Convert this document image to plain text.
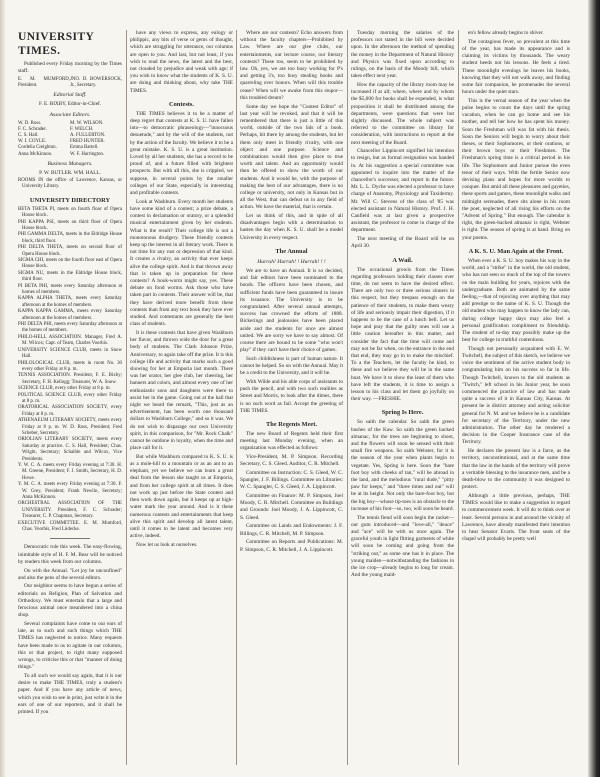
UNIVERSITY TIMES.

Published every Friday morning by the Times staff.

E. M. MUMFORD, President.
JNO. D. BOWERSOCK, Jr., Secretary.
Editorial Staff.
F. E. BIXBY, Editor-in-Chief.
Associate Editors.
W. D. Ross.	M. W. WILSON.
F. C. Schrader.	F. WELCH.
C. S. Hall.	A. FULLERTON.
W. I. COYLE.	FRED HUNTER.
Cordelia Creighton.	Emma Bartell.
Anna McKinnon.	W. F. Harrington.
Business Managers.
P. W. BUTLER. WM. HALL.

ROOMS IN the office of Lawrence, Kansas, or University Library.

UNIVERSITY DIRECTORY

BETA THETA PI, meets on fourth floor of Opera House block.

PHI KAPPA PSI, meets on third floor of Opera House block.

PHI GAMMA DELTA, meets in the Eldridge House block, third floor.

PHI DELTA THETA, meets on second floor of Opera House block.

SIGMA CHI, meets on the fourth floor east of Opera House block.

SIGMA NU, meets in the Eldridge House block, third floor.

PI BETA PHI, meets every Saturday afternoon at homes of members.

KAPPA ALPHA THETA, meets every Saturday afternoon at the homes of members.

KAPPA KAPPA GAMMA, meets every Saturday afternoon at the homes of members.

PHI DELTA PHI, meets every Saturday afternoon at the homes of members.

PHILO-HELL ASSOCIATION. Manager, Fred A. M. Wilcox; Capt. of Team, Charles Voorhis.

UNIVERSITY SCIENCE CLUB, meets in Snow Hall.

PHILOLOGICAL CLUB, meets in room No. 30 every other Friday at 8 p. m.

TENNIS ASSOCIATION. President, F. E. Bixby; Secretary, F. H. Kellogg; Treasurer, W. A. Snow.

SCIENCE CLUB, every other Friday at 8 p. m.

POLITICAL SCIENCE CLUB, every other Friday at 8 p. m.

ORATORICAL ASSOCIATION SOCIETY, every Friday at 8 p. m.

ATHENAEUM LITERARY SOCIETY, meets every Friday at 8 p. m. W. D. Ross, President; Fred Scheber, Secretary.

ORIOLIAN LITERARY SOCIETY, meets every Saturday at practice. C. S. Hall, President; Chas. Wright, Secretary; Schaible and Wilcox, Vice Presidents.

Y. W. C. A. meets every Friday evening at 7:30. H. M. Greene, President; F. J. Smith, Secretary, H. D. Howe.

Y. M. C. A. meets every Friday evening at 7:30. F. W. Grey, President; Frank Newlin, Secretary; Anna McKinnon.

ORCHESTRAL ASSOCIATION OF THE UNIVERSITY. President, F. C. Schrader; Treasurer, C. P. Chapman, Secretary.

EXECUTIVE COMMITTEE. E. M. Mumford, Chas. Voorhis, Fred Lüdecke.

Democratic rule this week. The easy-flowing, inimitable style of H. F. M. Bear will be noticed by readers this week from our columns.

On with the Annual. "Let joy be unconfined" and also the pens of the several editors.

Our neighbor seems to have begun a series of editorials on Religion, Plan of Salvation and Orthodoxy. We must entertain that a large and ferocious animal once meandered into a china shop.

Several complaints have come to our ears of late, as to such and such things which THE TIMES has neglected to notice. Many requests have been made to us to agitate in our columns, this or that project, to right many supposed wrongs, to criticise this or that "manner of doing things."

To all such we would say again, that it is our desire to make THE TIMES, truly a student's paper. And if you have any article of news, which you wish to see in print, just write it in the ears of one of our reporters, and it shall be printed. If you

have any views to express, any eulogy or philippic, any bits of verse or gems of thought, which are struggling for utterance, our columns are open to you. And last, but not least, if you wish to read the news, the latest and the best, not clouded by prejudice and weak with age; if you wish to know what the students of K. S. U. are doing and thinking about, why take THE TIMES.

Contests.

THE TIMES believes it to be a matter of deep regret that contests at K. S. U. have fallen into—to democratic phraseology—"innocuous desuetude," and by the will of the students, not by the action of the faculty. We believe it to be a great mistake. K. S. U. is a great institution. Loved by all her students, she has a record to be proud of, and a future filled with brightest prospects. But with all this, she is crippled, we suppose, in several points by the smaller colleges of our State, especially in interesting and profitable contests.

Look at Washburn. Every month her students have some kind of a contest; a prize debate, a contest in declamation or oratory, or a splendid musical entertainment given by her students. What is the result? Their college life is not a monotonous drudgery. These friendly contests keep up the interest in all literary work. There is not time for any rust or depression of that kind. It creates a rivalry, an activity that ever keeps alive the college spirit. And is that thrown away that is taken up in preparation for these contests? A book-worm might say, yes. These debate on fond worms. Ask those who have taken part in contests. Their answer will be, that they have derived more benefit from these contests than from any text book they have ever studied. And contestants are generally the best class of students.

It is these contests that have given Washburn her flavor, and thrown wide the door for a great body of students. The Clark Johnson Prize, Anniversary, to again take off the prize. It is this college life and activity that marks such a good showing for her at Emporia last month. There was her orator, her glee club, her cheering, her banners and colors, and almost every one of her enthusiastic sons and daughters were there to assist her in the game. Going out at the hall that night we heard the remark, "This, just as an advertisement, has been worth one thousand dollars to Washburn College," and so it was. We do not wish to disparage our own University spirit, in this comparison, for "Mr. Rock Chalk" cannot be outdone in loyalty, when the time and place call for it.

But while Washburn compared to K. S. U. is as a mole-hill to a mountain or as an ant to an elephant, yet we believe we can learn a great deal from the lesson she taught us at Emporia, and from her college spirit at all times. It does not work up just before the State contest and then work down again, but it keeps up at high-water mark the year around. And is it these numerous contests and entertainments that keep alive this spirit and develop all latent talent, until it comes to be latent and becomes very active, indeed.

Now let us look at ourselves.

Where are our contests? Echo answers from without the faculty chapters—Prohibited by Law. Where are our glee clubs, our entertainments, our lecture course, our literary contests? These too, seem to be prohibited by law. Oh, yes, we are too busy working for P's and getting 3's, too busy stealing books and quarreling over honors. When will this trouble cease? When will we awake from this stupor—this troubled dream?

Some day we hope the "Contest Editor" of last year will be revoked, and that it will be remembered that there is just a little of this world, outside of the two lids of a book. Perhaps, bit there by among the students, but let them only meet in friendly rivalry, with one object and one purpose. Science and combinations would then give place to true worth and talent. And an opportunity would then be offered to show the worth of our students. And it would be, with the purpose of making the best of our advantages, there is no college or university, not only in Kansas but in all the West, that can defeat us in any field of action. We have the material, that is certain.

Let us think of this, and in spite of all disadvantages begin with a determination to hasten the day when K. S. U. shall be a model University in every respect.

The Annual
Hurrah! Hurrah! ! Hurrah! ! !

We are to have an Annual. It is so decided, and fair editors have been nominated to the bonds. The officers have been chosen, and sufficient funds have been guaranteed to insure its issuance. The University is to be congratulated. After several annual attempts, success has crowned the efforts of 1888. Bickerings and jealousies have been placed aside and the students for once are almost united. We are sorry we have to say almost. Of course there are bound to be some "who won't play" if they can't have their choice of games.

Such childishness is part of human nature. It cannot be helped. So on with the Annual. May it be a credit to the University, and it will be.

With Wilde and his able corps of assistants to push the pencil, and with two such realities as Street and Morris, to look after the dimes, there is no such word as fail. Accept the greeting of THE TIMES.

The Regents Meet.

The new Board of Regents held their first meeting last Monday evening, when an organization was effected as follows:

Vice-President, M. P. Simpson. Recording Secretary, C. S. Gleed. Auditor, C. R. Mitchell.

Committee on Instruction: C. S. Gleed, W. C. Spangler, J. F. Billings. Committee on Libraries: W. C. Spangler, C. S. Gleed, J. A. Lippincott.

Committee on Finance: M. P. Simpson, Joel Moody, C. R. Mitchell. Committee on Buildings and Grounds: Joel Moody, J. A. Lippincott, C. S. Gleed.

Committee on Lands and Endowments: J. F. Billings, C. R. Mitchell, M. P. Simpson.

Committee on Reports and Publications: M. P. Simpson, C. R. Mitchell, J. A. Lippincott.

Tuesday morning the salaries of the professors not stated in the bill were decided upon. In the afternoon the method of spending the money in the Department of Natural History and Physics was fixed upon according to rulings, on the basis of the Moody bill, which takes effect next year.

How the capacity of the library room may be increased if at all; where, where and by whom the $5,000 for books shall be expended, is what proposition it shall be distributed among the departments, were questions that were but slightly discussed. The whole subject was referred to the committee on library for consideration, with instructions to report at the next meeting of the Board.

Chancellor Lippincott signified his intention to resign, but as formal resignation was handed in. At his suggestion a special committee was appointed to inquire into the matter of the chancellor's successor, and report in the future. Mr. L. L. Dyche was elected a professor to have charge of Anatomy, Physiology and Taxidermy. Mr. Will C. Stevens of the class of '85 was elected assistant in Natural History. Prof. J. H. Canfield was at last given a prospective assistant, the professor to come in charge of the department.

The next meeting of the Board will be on April 30.

A Wail.

The occasional growls from the Times regarding professors holding their classes over time, do not seem to have the desired effect. There are only two or three serious sinners in this respect, but they trespass enough on the patience of their students, to make them weary of life and seriously impair their digestion, if it happens to be the case of a lunch bell. Let us hope and pray that the guilty ones will use a little caution hereafter in this matter, and consider the fact that the time will come and may not be far when, on the entrance in the end that end, they may go in to make the mischief. To a the Teachers, let the faculty be kind, to these and we believe they will be in the same boat. We have it to show the least of them who have left the students, it is time to assign a lesson to his class and let them go joyfully on their way. —FRESHIE.

Spring Is Here.

So saith the calendar. So saith the green bushes of the Kaw. So saith the green hacked almanac, for the trees are beginning to shoot, and the flowers will soon be sensed with their small fire weapons. So saith Webster, for it is the season of the year when plants begin to vegetate. Yes, Spring is here. Soon the "bare foot boy with cheeks of tan," will be abroad in the land, and the melodious "rural dude," "pitty paw for keeps," and "three times and out" will be at its height. Not only the bare-foot boy, but the big boy—whose tip-toes is an obstacle to the increase of his foot—so, too, will soon be heard.

The tennis fiend will soon begin the racket—our gum introduced—and "love-all," "deuce" and "ace" will be with us once again. The graceful youth in light flitting garments of white will soon be coming and going from the "striking out," as some one has it in place. The young maiden—notwithstanding the fashions in the ice crop—already begins to long for cream. And the young maid-

en's fellow already begins to shiver.

The contagious fever, so prevalent at this time of the year, has made its appearance and is claiming its victims by thousands. The weary student heeds not his lessons. He feels a tired. These moonlight evenings he leaves his books, knowing that they will not walk away, and finding some fair companion, he promenades the several hours under the quiet stars.

This is the vernal season of the year when the pulse begins to count the days until the spring vacation, when he can go home and see his mother, and tell her how he has spent his money. Soon the Freshman will wax fat with his thesis. Soon the Seniors will begin to worry about their theses, or their Sophomores, or their orations, or their brown boys or their Freshmen. The Freshman's spring time is a critical period in his life. The Sophomore and Junior pursue the even tenor of their ways. With the fertile Senior now devising plans and hopes for more worlds to conquer. But amid all these pleasures and gayeties, these sports and games, these moonlight walks and midnight serenades, there sits alone in his room the poet, neglected of all rising his efforts on the "Advent of Spring." But enough. The calendar is right, the green-backed almanac is right, Webster is right. The season of spring is at hand. Bring on your poems.

A K. S. U. Man Again at the Front.

When ever a K. S. U. boy makes his way in the world, and a "strike" in the world, the old student, who has not seen so much of the top of the towers on the main building for years, rejoices with the undergraduate. Both are animated by the same feeling,—that of rejoicing over anything that may add prestige to the name of K. S. U. Though the old student who may happen to know the lady can, during college happy days may also feel a personal gratification compliment to friendship. The student of to-day may possibly make up the best for college in truthful contentions.

Though not personally acquainted with E. W. Twitchell, the subject of this sketch, we believe we voice the sentiment of the active student body in congratulating him on his success so far in life. Though Twitchell, known to the old students as "Twitch," left school in his Junior year, he soon commenced the practice of law and has made quite a success of it in Kansas City, Kansas. At present he is district attorney and acting solicitor general for N. M. and we believe he is a candidate for secretary of the Territory, under the new administration. The other day he rendered a decision in the Cooper Insurance case of the Territory.

He declares the present law is a farce, as the territory, unconstitutional, and at the same time that the law in the hands of the territory will prove a veritable blessing to the insurance men, and be a death-blow to the community it was designed to protect.

Although a little previous, perhaps, THE TIMES would like to make a suggestion in regard to commencement week. It will do to think over at least. Several persons in and around the vicinity of Lawrence, have already manifested their intention to hear Senator Evarts. The front seats of the chapel will probably be pretty well
